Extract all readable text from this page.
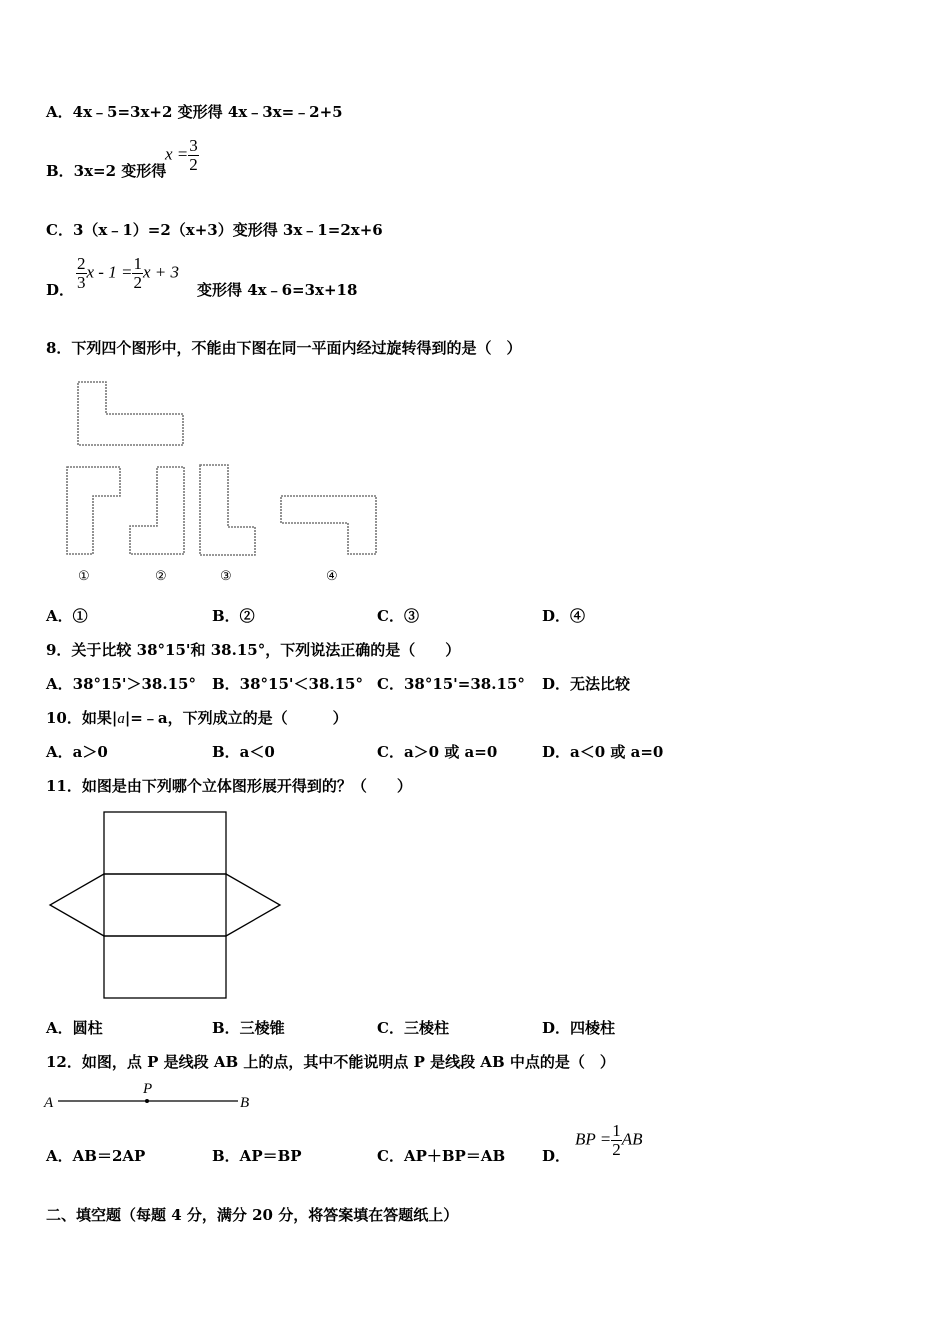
A．4x﹣5=3x+2 变形得 4x﹣3x=﹣2+5
B．3x=2 变形得
$x = \frac{3}{2}$
C．3（x﹣1）=2（x+3）变形得 3x﹣1=2x+6
D． $\frac{2}{3}$ $x - 1 = \frac{1}{2}$ x + 3
变形得 4x﹣6=3x+18
8．下列四个图形中，不能由下图在同一平面内经过旋转得到的是（　）
①	②	③	④
A．①	B．②	C．③	D．④
9．关于比较 38°15'和 38.15°，下列说法正确的是（　　）
A．38°15'＞38.15° B．38°15'＜38.15° C．38°15'=38.15° D．无法比较
10．如果|a|=﹣a，下列成立的是（　　　）
A．a＞0	B．a＜0	C．a＞0 或 a=0	D．a＜0 或 a=0
11．如图是由下列哪个立体图形展开得到的？（　　）
A．圆柱	B．三棱锥	C．三棱柱	D．四棱柱
12．如图，点 P 是线段 AB 上的点，其中不能说明点 P 是线段 AB 中点的是（　）
A
P
B
A．AB＝2AP	B．AP＝BP	C．AP＋BP＝AB D．
BP = $\frac{1}{2}$ AB
二、填空题（每题 4 分，满分 20 分，将答案填在答题纸上）
